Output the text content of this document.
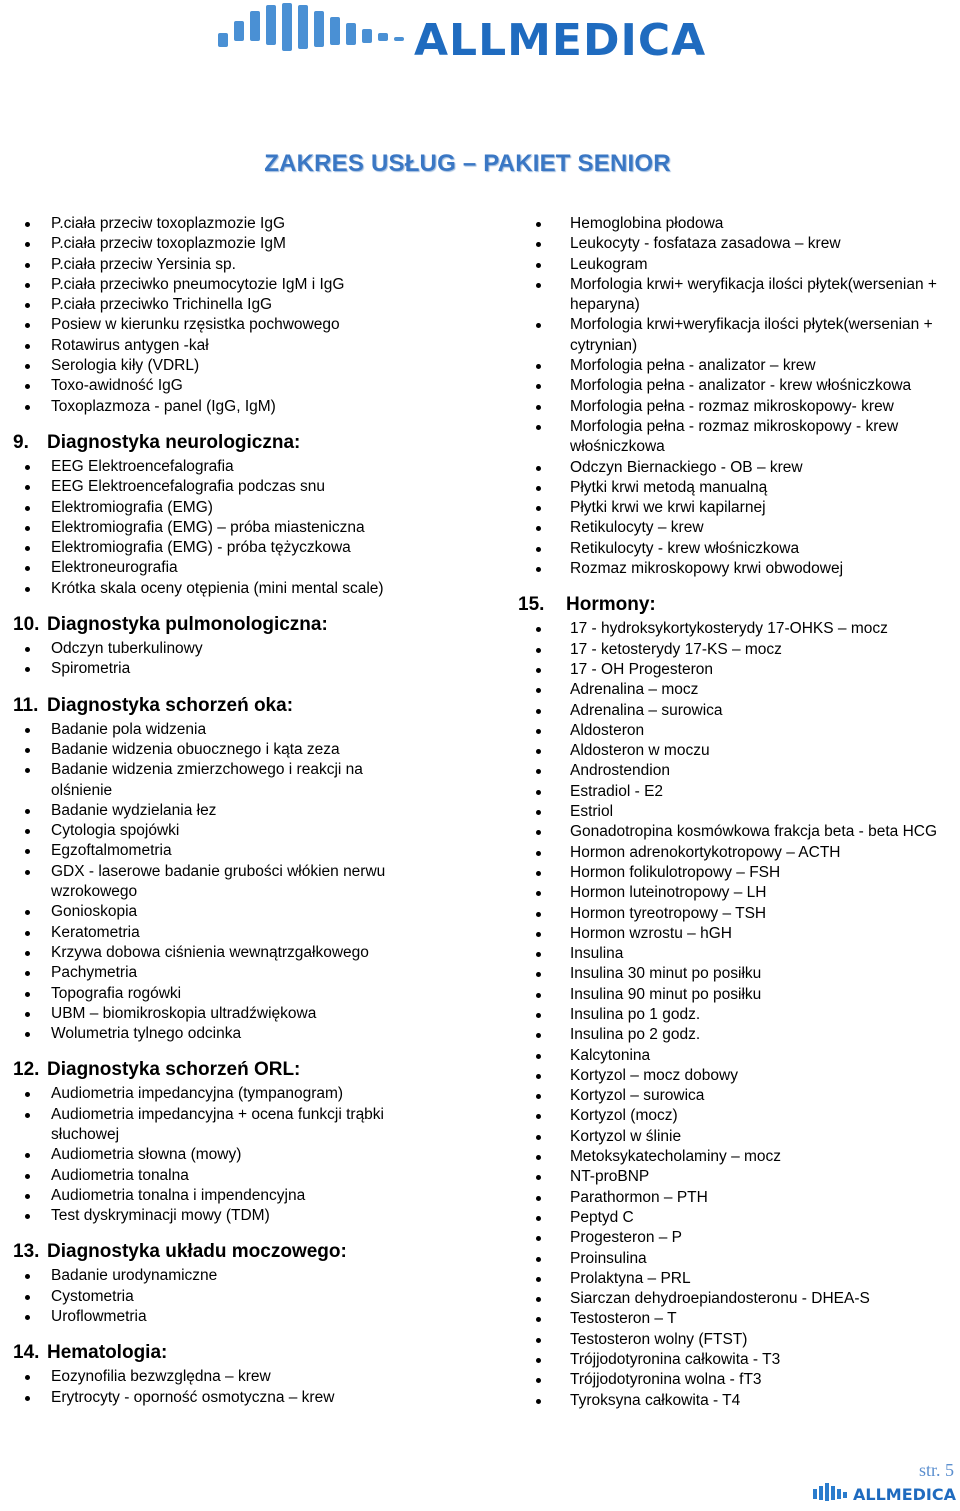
ALLMEDICA
ZAKRES USŁUG – PAKIET SENIOR
P.ciała przeciw toxoplazmozie IgG
P.ciała przeciw toxoplazmozie IgM
P.ciała przeciw Yersinia sp.
P.ciała przeciwko pneumocytozie IgM i IgG
P.ciała przeciwko Trichinella IgG
Posiew w kierunku rzęsistka pochwowego
Rotawirus antygen -kał
Serologia kiły (VDRL)
Toxo-awidność IgG
Toxoplazmoza - panel (IgG, IgM)
9. Diagnostyka neurologiczna:
EEG Elektroencefalografia
EEG Elektroencefalografia podczas snu
Elektromiografia (EMG)
Elektromiografia (EMG) – próba miasteniczna
Elektromiografia (EMG) - próba tężyczkowa
Elektroneurografia
Krótka skala oceny otępienia (mini mental scale)
10. Diagnostyka pulmonologiczna:
Odczyn tuberkulinowy
Spirometria
11. Diagnostyka schorzeń oka:
Badanie pola widzenia
Badanie widzenia obuocznego i kąta zeza
Badanie widzenia zmierzchowego i reakcji na olśnienie
Badanie wydzielania łez
Cytologia spojówki
Egzoftalmometria
GDX - laserowe badanie grubości włókien nerwu wzrokowego
Gonioskopia
Keratometria
Krzywa dobowa ciśnienia wewnątrzgałkowego
Pachymetria
Topografia rogówki
UBM – biomikroskopia ultradźwiękowa
Wolumetria tylnego odcinka
12. Diagnostyka schorzeń ORL:
Audiometria impedancyjna (tympanogram)
Audiometria impedancyjna + ocena funkcji trąbki słuchowej
Audiometria słowna (mowy)
Audiometria tonalna
Audiometria tonalna i impendencyjna
Test dyskryminacji mowy (TDM)
13. Diagnostyka układu moczowego:
Badanie urodynamiczne
Cystometria
Uroflowmetria
14. Hematologia:
Eozynofilia bezwzględna – krew
Erytrocyty - oporność osmotyczna – krew
Hemoglobina płodowa
Leukocyty - fosfataza zasadowa – krew
Leukogram
Morfologia krwi+ weryfikacja ilości płytek(wersenian + heparyna)
Morfologia krwi+weryfikacja ilości płytek(wersenian + cytrynian)
Morfologia pełna - analizator – krew
Morfologia pełna - analizator - krew włośniczkowa
Morfologia pełna - rozmaz mikroskopowy- krew
Morfologia pełna - rozmaz mikroskopowy - krew włośniczkowa
Odczyn Biernackiego - OB – krew
Płytki krwi metodą manualną
Płytki krwi we krwi kapilarnej
Retikulocyty – krew
Retikulocyty - krew włośniczkowa
Rozmaz mikroskopowy krwi obwodowej
15.	Hormony:
17 - hydroksykortykosterydy 17-OHKS – mocz
17 - ketosterydy 17-KS – mocz
17 - OH Progesteron
Adrenalina – mocz
Adrenalina – surowica
Aldosteron
Aldosteron w moczu
Androstendion
Estradiol - E2
Estriol
Gonadotropina kosmówkowa frakcja beta - beta HCG
Hormon adrenokortykotropowy – ACTH
Hormon folikulotropowy – FSH
Hormon luteinotropowy – LH
Hormon tyreotropowy – TSH
Hormon wzrostu – hGH
Insulina
Insulina 30 minut po posiłku
Insulina 90 minut po posiłku
Insulina po 1 godz.
Insulina po 2 godz.
Kalcytonina
Kortyzol – mocz dobowy
Kortyzol – surowica
Kortyzol (mocz)
Kortyzol w ślinie
Metoksykatecholaminy – mocz
NT-proBNP
Parathormon – PTH
Peptyd C
Progesteron – P
Proinsulina
Prolaktyna – PRL
Siarczan dehydroepiandosteronu - DHEA-S
Testosteron – T
Testosteron wolny (FTST)
Trójjodotyronina całkowita - T3
Trójjodotyronina wolna - fT3
Tyroksyna całkowita - T4
str. 5
ALLMEDICA
